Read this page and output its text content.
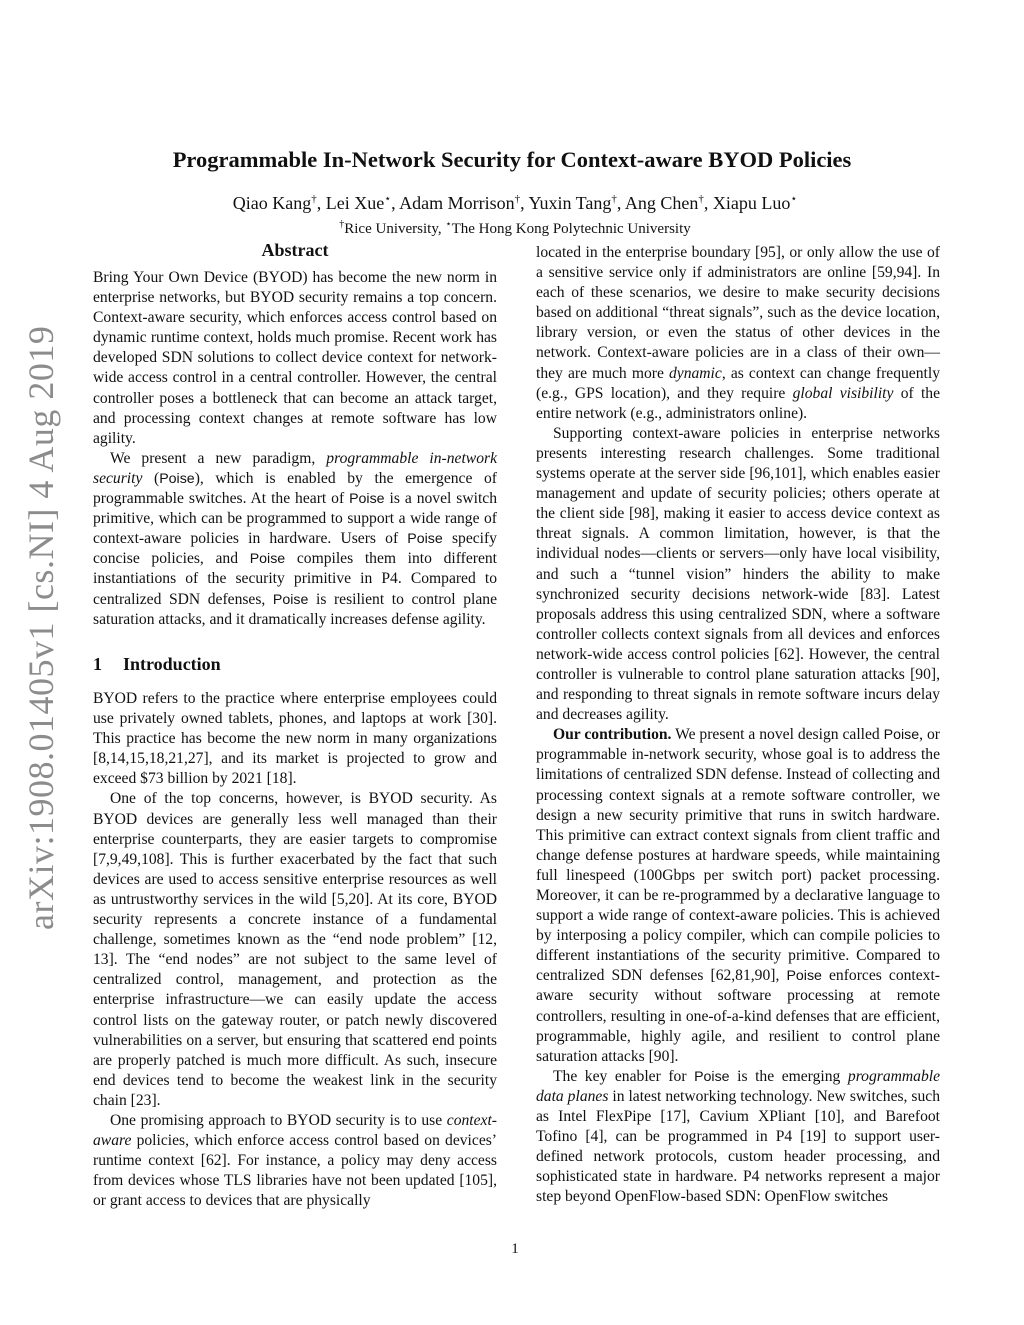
arXiv:1908.01405v1 [cs.NI] 4 Aug 2019
Programmable In-Network Security for Context-aware BYOD Policies
Qiao Kang†, Lei Xue⋆, Adam Morrison†, Yuxin Tang†, Ang Chen†, Xiapu Luo⋆
†Rice University, ⋆The Hong Kong Polytechnic University
Abstract

Bring Your Own Device (BYOD) has become the new norm in enterprise networks, but BYOD security remains a top concern. Context-aware security, which enforces access control based on dynamic runtime context, holds much promise. Recent work has developed SDN solutions to collect device context for network-wide access control in a central controller. However, the central controller poses a bottleneck that can become an attack target, and processing context changes at remote software has low agility.

We present a new paradigm, programmable in-network security (Poise), which is enabled by the emergence of programmable switches. At the heart of Poise is a novel switch primitive, which can be programmed to support a wide range of context-aware policies in hardware. Users of Poise specify concise policies, and Poise compiles them into different instantiations of the security primitive in P4. Compared to centralized SDN defenses, Poise is resilient to control plane saturation attacks, and it dramatically increases defense agility.

1 Introduction

BYOD refers to the practice where enterprise employees could use privately owned tablets, phones, and laptops at work [30]. This practice has become the new norm in many organizations [8,14,15,18,21,27], and its market is projected to grow and exceed $73 billion by 2021 [18].

One of the top concerns, however, is BYOD security. As BYOD devices are generally less well managed than their enterprise counterparts, they are easier targets to compromise [7,9,49,108]. This is further exacerbated by the fact that such devices are used to access sensitive enterprise resources as well as untrustworthy services in the wild [5,20]. At its core, BYOD security represents a concrete instance of a fundamental challenge, sometimes known as the “end node problem” [12, 13]. The “end nodes” are not subject to the same level of centralized control, management, and protection as the enterprise infrastructure—we can easily update the access control lists on the gateway router, or patch newly discovered vulnerabilities on a server, but ensuring that scattered end points are properly patched is much more difficult. As such, insecure end devices tend to become the weakest link in the security chain [23].

One promising approach to BYOD security is to use context-aware policies, which enforce access control based on devices’ runtime context [62]. For instance, a policy may deny access from devices whose TLS libraries have not been updated [105], or grant access to devices that are physically

located in the enterprise boundary [95], or only allow the use of a sensitive service only if administrators are online [59,94]. In each of these scenarios, we desire to make security decisions based on additional “threat signals”, such as the device location, library version, or even the status of other devices in the network. Context-aware policies are in a class of their own—they are much more dynamic, as context can change frequently (e.g., GPS location), and they require global visibility of the entire network (e.g., administrators online).

Supporting context-aware policies in enterprise networks presents interesting research challenges. Some traditional systems operate at the server side [96,101], which enables easier management and update of security policies; others operate at the client side [98], making it easier to access device context as threat signals. A common limitation, however, is that the individual nodes—clients or servers—only have local visibility, and such a “tunnel vision” hinders the ability to make synchronized security decisions network-wide [83]. Latest proposals address this using centralized SDN, where a software controller collects context signals from all devices and enforces network-wide access control policies [62]. However, the central controller is vulnerable to control plane saturation attacks [90], and responding to threat signals in remote software incurs delay and decreases agility.

Our contribution. We present a novel design called Poise, or programmable in-network security, whose goal is to address the limitations of centralized SDN defense. Instead of collecting and processing context signals at a remote software controller, we design a new security primitive that runs in switch hardware. This primitive can extract context signals from client traffic and change defense postures at hardware speeds, while maintaining full linespeed (100Gbps per switch port) packet processing. Moreover, it can be re-programmed by a declarative language to support a wide range of context-aware policies. This is achieved by interposing a policy compiler, which can compile policies to different instantiations of the security primitive. Compared to centralized SDN defenses [62,81,90], Poise enforces context-aware security without software processing at remote controllers, resulting in one-of-a-kind defenses that are efficient, programmable, highly agile, and resilient to control plane saturation attacks [90].

The key enabler for Poise is the emerging programmable data planes in latest networking technology. New switches, such as Intel FlexPipe [17], Cavium XPliant [10], and Barefoot Tofino [4], can be programmed in P4 [19] to support user-defined network protocols, custom header processing, and sophisticated state in hardware. P4 networks represent a major step beyond OpenFlow-based SDN: OpenFlow switches

1
